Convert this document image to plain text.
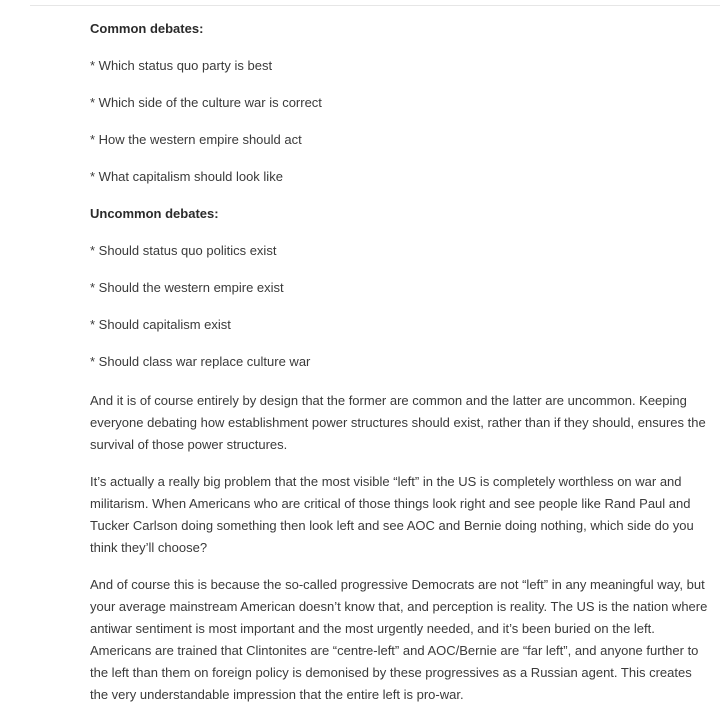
Common debates:

* Which status quo party is best

* Which side of the culture war is correct

* How the western empire should act

* What capitalism should look like

Uncommon debates:

* Should status quo politics exist

* Should the western empire exist

* Should capitalism exist

* Should class war replace culture war

And it is of course entirely by design that the former are common and the latter are uncommon. Keeping everyone debating how establishment power structures should exist, rather than if they should, ensures the survival of those power structures.

It’s actually a really big problem that the most visible “left” in the US is completely worthless on war and militarism. When Americans who are critical of those things look right and see people like Rand Paul and Tucker Carlson doing something then look left and see AOC and Bernie doing nothing, which side do you think they’ll choose?

And of course this is because the so-called progressive Democrats are not “left” in any meaningful way, but your average mainstream American doesn’t know that, and perception is reality. The US is the nation where antiwar sentiment is most important and the most urgently needed, and it’s been buried on the left. Americans are trained that Clintonites are “centre-left” and AOC/Bernie are “far left”, and anyone further to the left than them on foreign policy is demonised by these progressives as a Russian agent. This creates the very understandable impression that the entire left is pro-war.
